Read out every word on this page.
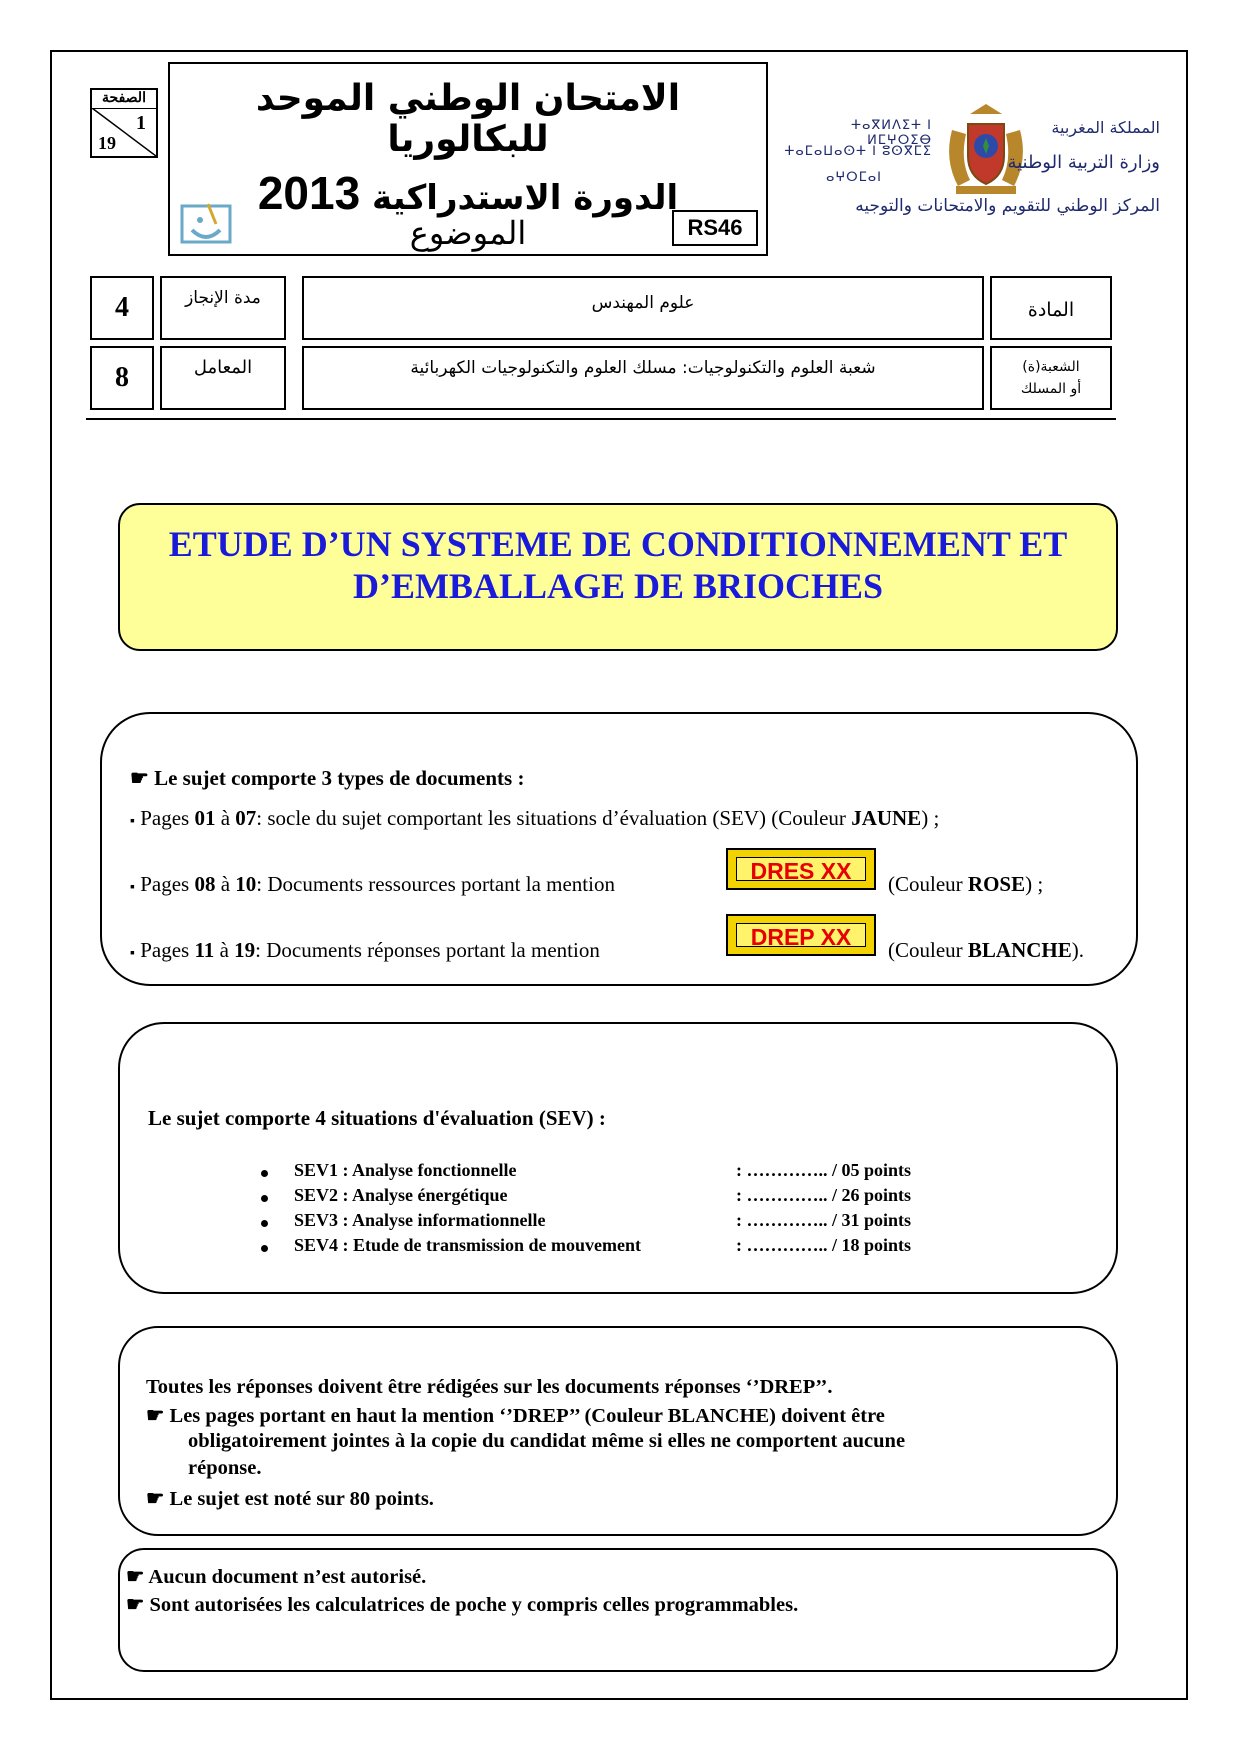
الصفحة
1
19
الامتحان الوطني الموحد للبكالوريا
الدورة الاستدراكية 2013
الموضوع	RS46
ⵜⴰⴳⵍⴷⵉⵜ ⵏ ⵍⵎⵖⵔⵉⴱ
ⵜⴰⵎⴰⵡⴰⵙⵜ ⵏ ⵓⵙⴳⵎⵉ
ⴰⵖⵔⵎⴰⵏ
المملكة المغربية
وزارة التربية الوطنية
المركز الوطني للتقويم والامتحانات والتوجيه
4	مدة الإنجاز	علوم المهندس	المادة
8	المعامل	شعبة العلوم والتكنولوجيات: مسلك العلوم والتكنولوجيات الكهربائية	الشعبة(ة)
أو المسلك
ETUDE D’UN SYSTEME DE CONDITIONNEMENT ET
D’EMBALLAGE DE BRIOCHES
☛ Le sujet comporte 3 types de documents :
▪ Pages 01 à 07: socle du sujet comportant les situations d’évaluation (SEV) (Couleur JAUNE) ;
▪ Pages 08 à 10: Documents ressources portant la mention	DRES XX	(Couleur ROSE) ;
▪ Pages 11 à 19: Documents réponses portant la mention	DREP XX	(Couleur BLANCHE).
Le sujet comporte 4 situations d'évaluation (SEV) :
SEV1 : Analyse fonctionnelle	: ………….. / 05 points
SEV2 : Analyse énergétique	: ………….. / 26 points
SEV3 : Analyse informationnelle	: ………….. / 31 points
SEV4 : Etude de transmission de mouvement	: ………….. / 18 points
Toutes les réponses doivent être rédigées sur les documents réponses ‘’DREP’’.
☛ Les pages portant en haut la mention ‘’DREP’’ (Couleur BLANCHE) doivent être
obligatoirement jointes à la copie du candidat même si elles ne comportent aucune
réponse.
☛ Le sujet est noté sur 80 points.
☛ Aucun document n’est autorisé.
☛ Sont autorisées les calculatrices de poche y compris celles programmables.
